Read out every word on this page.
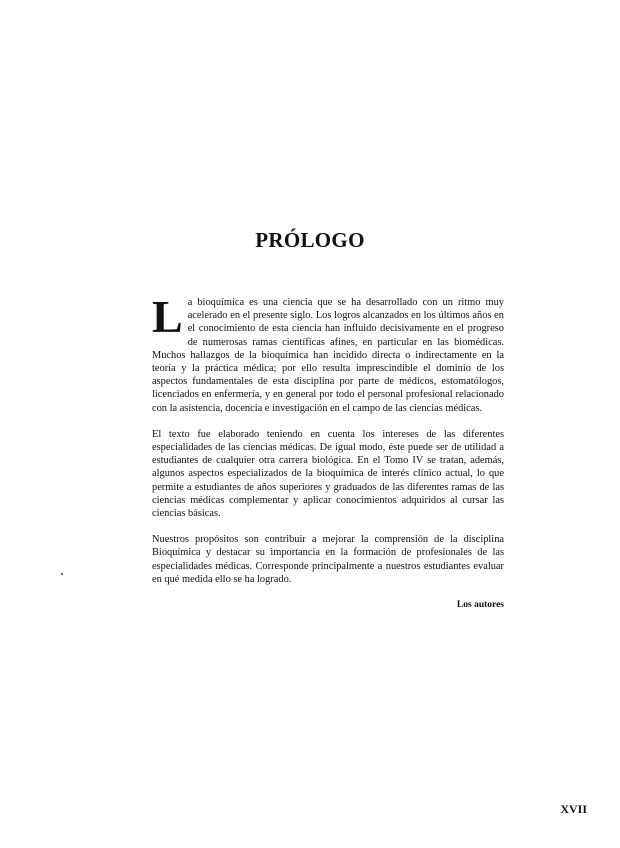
PRÓLOGO

La bioquímica es una ciencia que se ha desarrollado con un ritmo muy acelerado en el presente siglo. Los logros alcanzados en los últimos años en el conocimiento de esta ciencia han influido decisivamente en el progreso de numerosas ramas científicas afines, en particular en las biomédicas. Muchos hallazgos de la bioquímica han incidido directa o indirectamente en la teoría y la práctica médica; por ello resulta imprescindible el dominio de los aspectos fundamentales de esta disciplina por parte de médicos, estomatólogos, licenciados en enfermería, y en general por todo el personal profesional relacionado con la asistencia, docencia e investigación en el campo de las ciencias médicas.

El texto fue elaborado teniendo en cuenta los intereses de las diferentes especialidades de las ciencias médicas. De igual modo, éste puede ser de utilidad a estudiantes de cualquier otra carrera biológica. En el Tomo IV se tratan, además, algunos aspectos especializados de la bioquímica de interés clínico actual, lo que permite a estudiantes de años superiores y graduados de las diferentes ramas de las ciencias médicas complementar y aplicar conocimientos adquiridos al cursar las ciencias básicas.

Nuestros propósitos son contribuir a mejorar la comprensión de la disciplina Bioquímica y destacar su importancia en la formación de profesionales de las especialidades médicas. Corresponde principalmente a nuestros estudiantes evaluar en qué medida ello se ha logrado.

Los autores
XVII
